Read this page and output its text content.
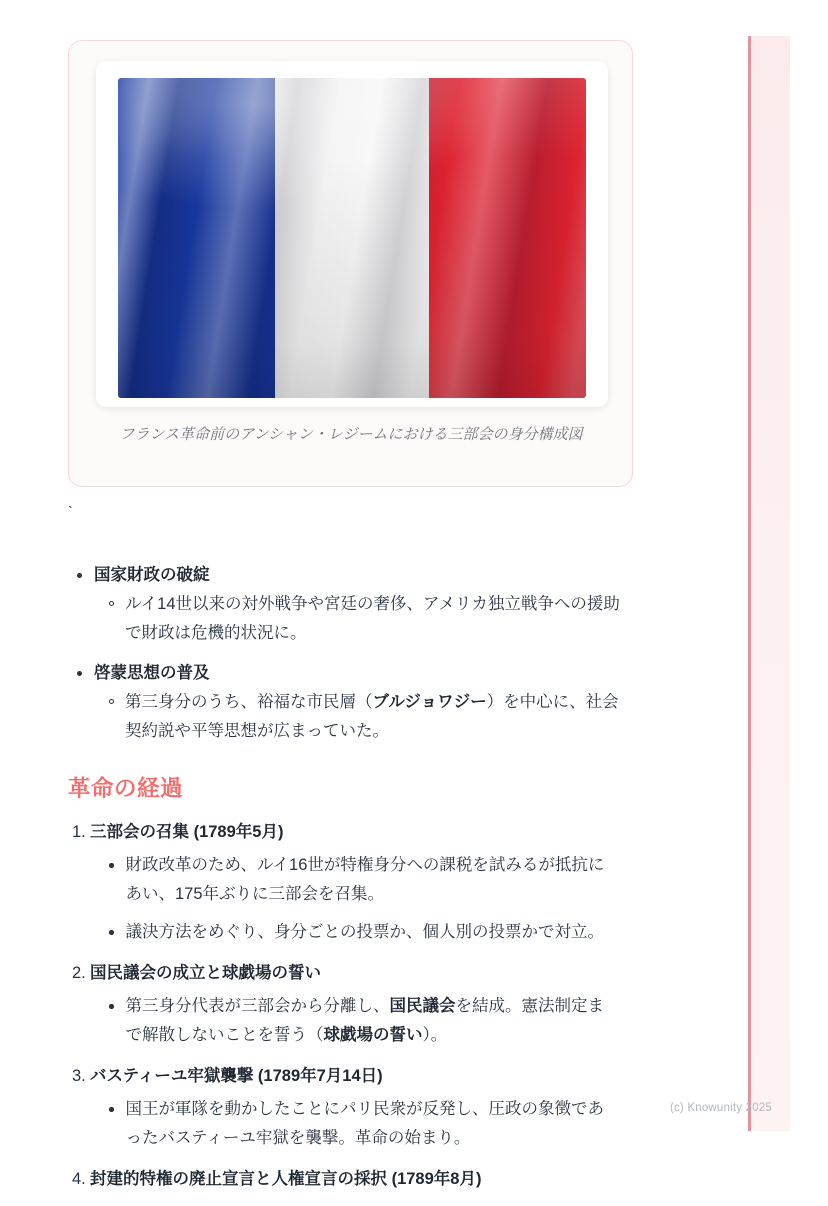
フランス革命前のアンシャン・レジームにおける三部会の身分構成図
`
国家財政の破綻

ルイ14世以来の対外戦争や宮廷の奢侈、アメリカ独立戦争への援助で財政は危機的状況に。

啓蒙思想の普及

第三身分のうち、裕福な市民層（ブルジョワジー）を中心に、社会契約説や平等思想が広まっていた。

革命の経過
1. 三部会の召集 (1789年5月)

財政改革のため、ルイ16世が特権身分への課税を試みるが抵抗にあい、175年ぶりに三部会を召集。

議決方法をめぐり、身分ごとの投票か、個人別の投票かで対立。

2. 国民議会の成立と球戯場の誓い

第三身分代表が三部会から分離し、国民議会を結成。憲法制定まで解散しないことを誓う（球戯場の誓い）。

3. バスティーユ牢獄襲撃 (1789年7月14日)

国王が軍隊を動かしたことにパリ民衆が反発し、圧政の象徴であったバスティーユ牢獄を襲撃。革命の始まり。

4. 封建的特権の廃止宣言と人権宣言の採択 (1789年8月)
(c) Knowunity 2025
